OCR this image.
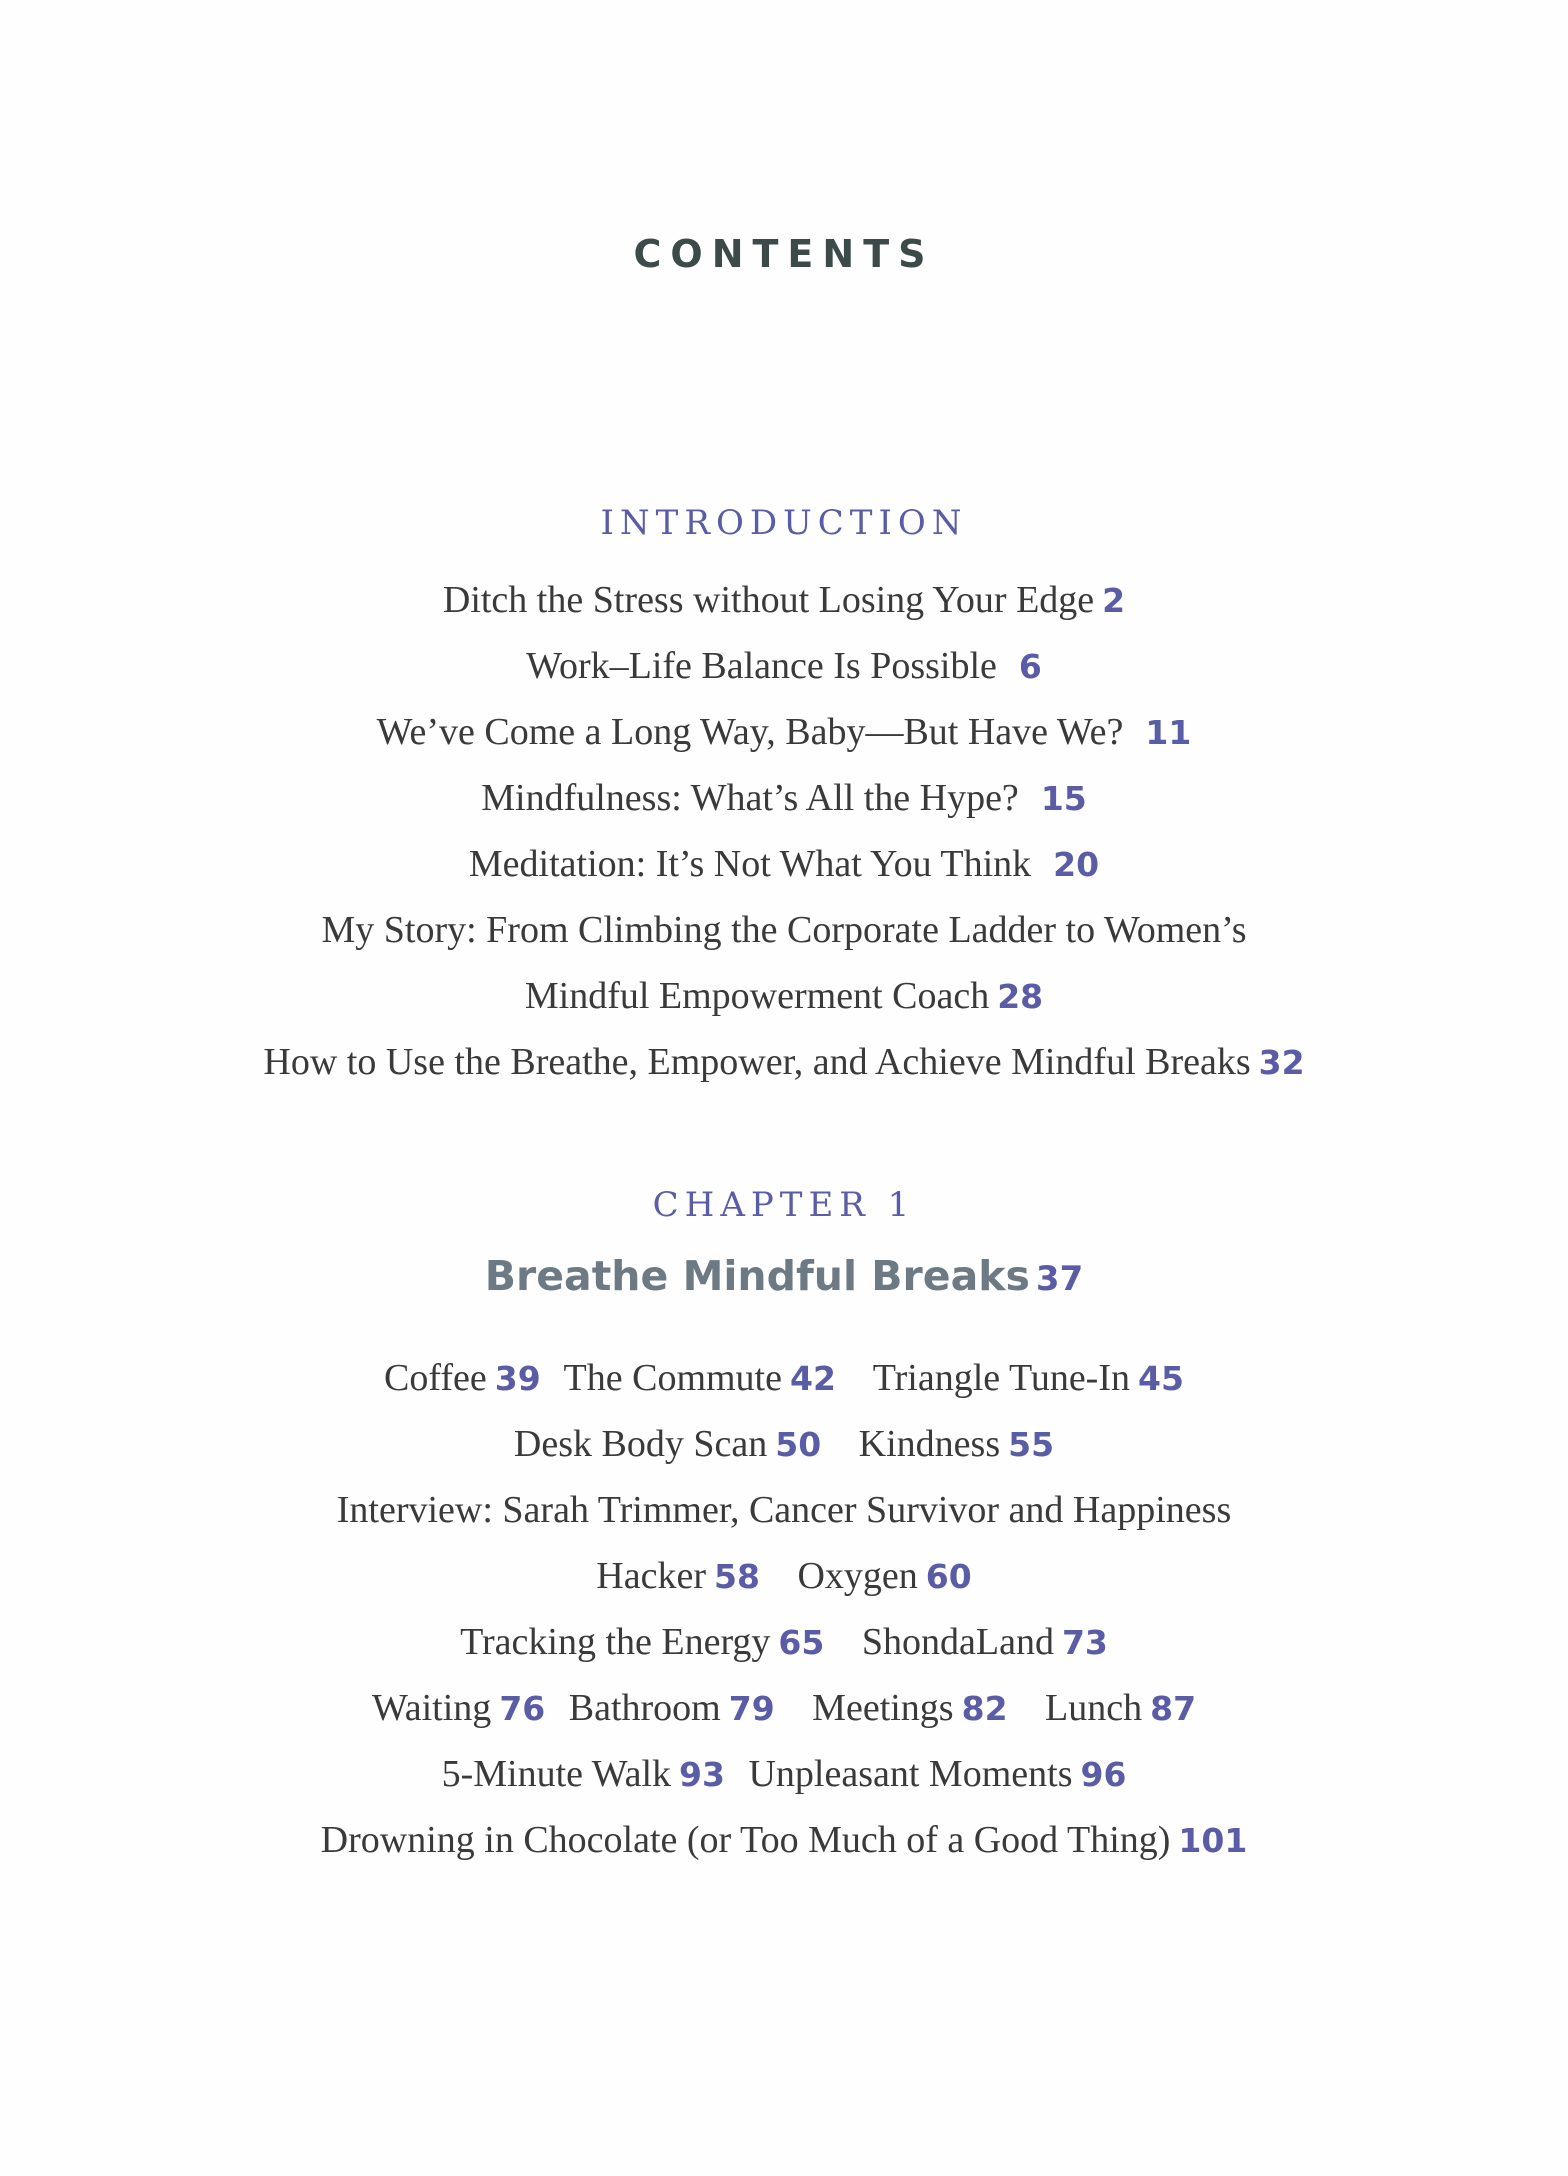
CONTENTS
INTRODUCTION
Ditch the Stress without Losing Your Edge 2
Work–Life Balance Is Possible 6
We’ve Come a Long Way, Baby—But Have We? 11
Mindfulness: What’s All the Hype? 15
Meditation: It’s Not What You Think 20
My Story: From Climbing the Corporate Ladder to Women’s
Mindful Empowerment Coach 28
How to Use the Breathe, Empower, and Achieve Mindful Breaks 32
CHAPTER 1
Breathe Mindful Breaks 37
Coffee 39 The Commute 42 Triangle Tune-In 45
Desk Body Scan 50 Kindness 55
Interview: Sarah Trimmer, Cancer Survivor and Happiness
Hacker 58 Oxygen 60
Tracking the Energy 65 ShondaLand 73
Waiting 76 Bathroom 79 Meetings 82 Lunch 87
5-Minute Walk 93 Unpleasant Moments 96
Drowning in Chocolate (or Too Much of a Good Thing) 101
